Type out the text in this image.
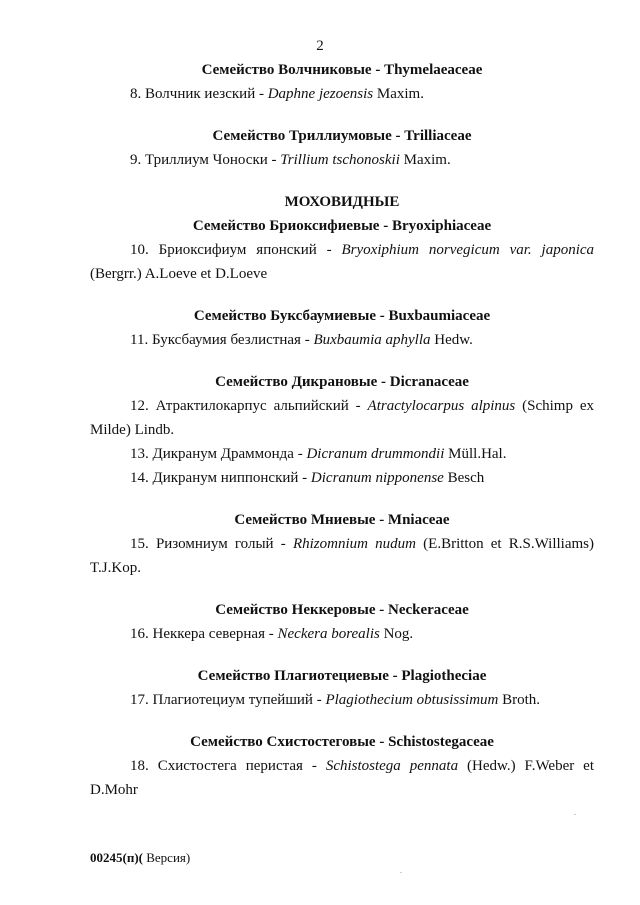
2

Семейство Волчниковые - Thymelaeaceae

8. Волчник иезский - Daphne jezoensis Maxim.

Семейство Триллиумовые - Trilliaceae

9. Триллиум Чоноски - Trillium tschonoskii Maxim.

МОХОВИДНЫЕ

Семейство Бриоксифиевые - Bryoxiphiaceae

10. Бриоксифиум японский - Bryoxiphium norvegicum var. japonica (Bergrr.) A.Loeve et D.Loeve

Семейство Буксбаумиевые - Buxbaumiaceae

11. Буксбаумия безлистная - Buxbaumia aphylla Hedw.

Семейство Дикрановые - Dicranaceae

12. Атрактилокарпус альпийский - Atractylocarpus alpinus (Schimp ex Milde) Lindb.

13. Дикранум Драммонда - Dicranum drummondii Müll.Hal.

14. Дикранум ниппонский - Dicranum nipponense Besch

Семейство Мниевые - Mniaceae

15. Ризомниум голый - Rhizomnium nudum (E.Britton et R.S.Williams) T.J.Kop.

Семейство Неккеровые - Neckeraceae

16. Неккера северная - Neckera borealis Nog.

Семейство Плагиотециевые - Plagiotheciae

17. Плагиотециум тупейший - Plagiothecium obtusissimum Broth.

Семейство Схистостеговые - Schistostegaceae

18. Схистостега перистая - Schistostega pennata (Hedw.) F.Weber et D.Mohr

00245(п)( Версия)
